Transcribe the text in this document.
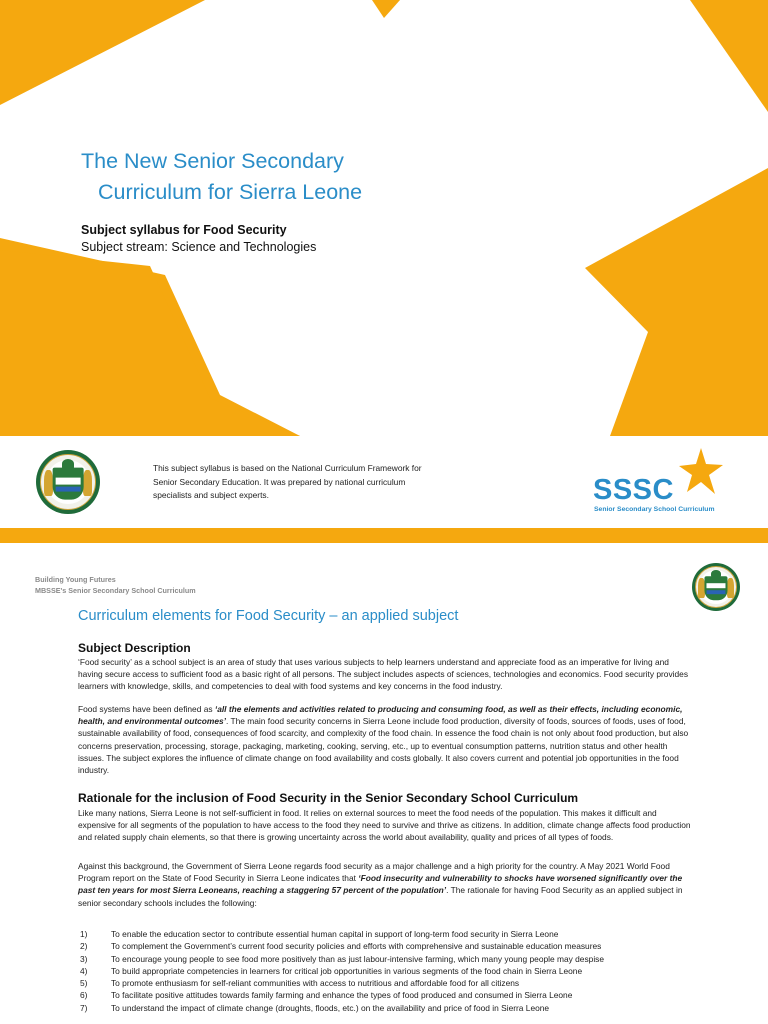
The New Senior Secondary
Curriculum for Sierra Leone

Subject syllabus for Food Security

Subject stream: Science and Technologies

This subject syllabus is based on the National Curriculum Framework for Senior Secondary Education. It was prepared by national curriculum specialists and subject experts.	SSSC

Senior Secondary School Curriculum

Building Young Futures
MBSSE's Senior Secondary School Curriculum

Curriculum elements for Food Security – an applied subject
Subject Description

‘Food security’ as a school subject is an area of study that uses various subjects to help learners understand and appreciate food as an imperative for living and having secure access to sufficient food as a basic right of all persons. The subject includes aspects of sciences, technologies and economics. Food security provides learners with knowledge, skills, and competencies to deal with food systems and key concerns in the food industry.

Food systems have been defined as ‘all the elements and activities related to producing and consuming food, as well as their effects, including economic, health, and environmental outcomes’. The main food security concerns in Sierra Leone include food production, diversity of foods, sources of foods, uses of food, sustainable availability of food, consequences of food scarcity, and complexity of the food chain. In essence the food chain is not only about food production, but also concerns preservation, processing, storage, packaging, marketing, cooking, serving, etc., up to eventual consumption patterns, nutrition status and other health issues. The subject explores the influence of climate change on food availability and costs globally. It also covers current and potential job opportunities in the food industry.

Rationale for the inclusion of Food Security in the Senior Secondary School Curriculum

Like many nations, Sierra Leone is not self-sufficient in food. It relies on external sources to meet the food needs of the population. This makes it difficult and expensive for all segments of the population to have access to the food they need to survive and thrive as citizens. In addition, climate change affects food production and related supply chain elements, so that there is growing uncertainty across the world about availability, quality and prices of all types of foods.

Against this background, the Government of Sierra Leone regards food security as a major challenge and a high priority for the country. A May 2021 World Food Program report on the State of Food Security in Sierra Leone indicates that ‘Food insecurity and vulnerability to shocks have worsened significantly over the past ten years for most Sierra Leoneans, reaching a staggering 57 percent of the population’. The rationale for having Food Security as an applied subject in senior secondary schools includes the following:

1)	To enable the education sector to contribute essential human capital in support of long-term food security in Sierra Leone
2)	To complement the Government’s current food security policies and efforts with comprehensive and sustainable education measures
3)	To encourage young people to see food more positively than as just labour-intensive farming, which many young people may despise
4)	To build appropriate competencies in learners for critical job opportunities in various segments of the food chain in Sierra Leone
5)	To promote enthusiasm for self-reliant communities with access to nutritious and affordable food for all citizens
6)	To facilitate positive attitudes towards family farming and enhance the types of food produced and consumed in Sierra Leone
7)	To understand the impact of climate change (droughts, floods, etc.) on the availability and price of food in Sierra Leone
